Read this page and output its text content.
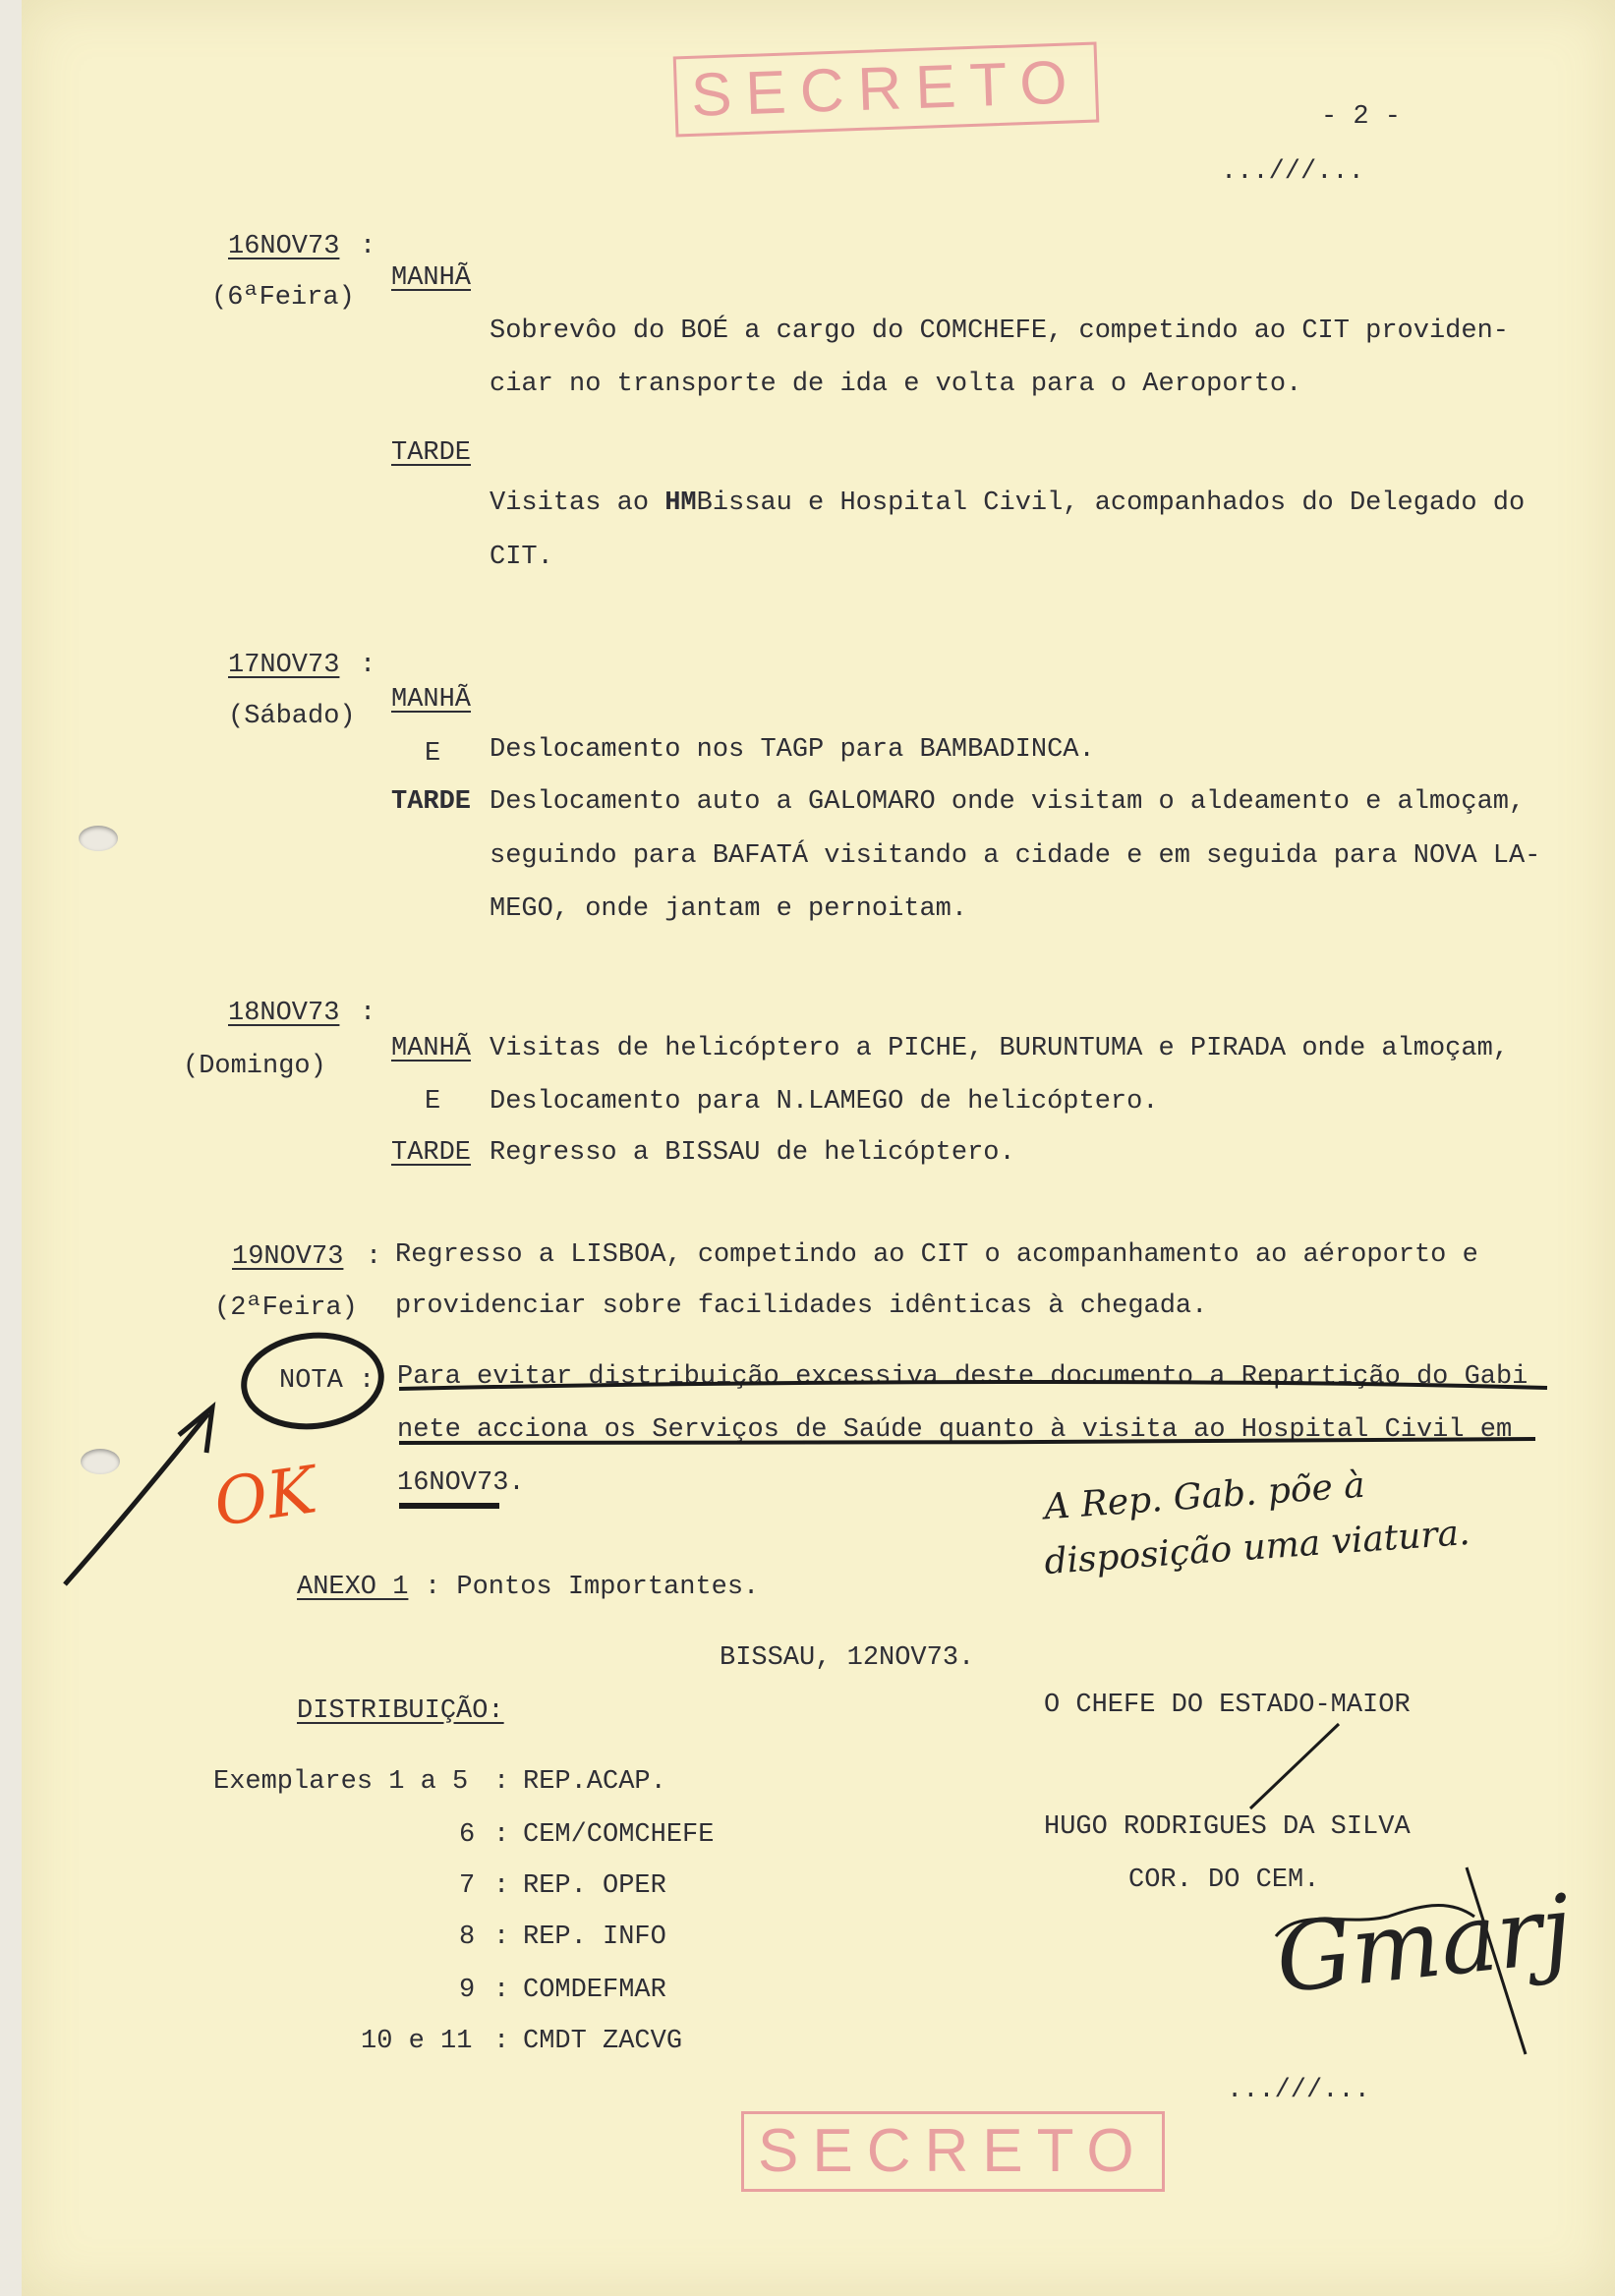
SECRETO	- 2 -
...///...
16NOV73 :
(6ªFeira)
MANHÃ
Sobrevôo do BOÉ a cargo do COMCHEFE, competindo ao CIT providen-
ciar no transporte de ida e volta para o Aeroporto.
TARDE
Visitas ao HMBissau e Hospital Civil, acompanhados do Delegado do
CIT.
17NOV73 :
(Sábado)
MANHÃ
E Deslocamento nos TAGP para BAMBADINCA.
TARDE Deslocamento auto a GALOMARO onde visitam o aldeamento e almoçam,
seguindo para BAFATÁ visitando a cidade e em seguida para NOVA LA-
MEGO, onde jantam e pernoitam.
18NOV73 :
(Domingo)
MANHÃ Visitas de helicóptero a PICHE, BURUNTUMA e PIRADA onde almoçam,
E Deslocamento para N.LAMEGO de helicóptero.
TARDE Regresso a BISSAU de helicóptero.
19NOV73 : Regresso a LISBOA, competindo ao CIT o acompanhamento ao aéroporto e
(2ªFeira) providenciar sobre facilidades idênticas à chegada.
NOTA : Para evitar distribuição excessiva deste documento a Repartição do Gabi
nete acciona os Serviços de Saúde quanto à visita ao Hospital Civil em
16NOV73.
OK	A Rep. Gab. põe à
disposição uma viatura.
ANEXO 1 : Pontos Importantes.
BISSAU, 12NOV73.
DISTRIBUIÇÃO:
Exemplares 1 a 5 : REP.ACAP.
6 : CEM/COMCHEFE
7 : REP. OPER
8 : REP. INFO
9 : COMDEFMAR
10 e 11 : CMDT ZACVG
O CHEFE DO ESTADO-MAIOR
HUGO RODRIGUES DA SILVA
COR. DO CEM.
Gmarj
...///...
SECRETO
